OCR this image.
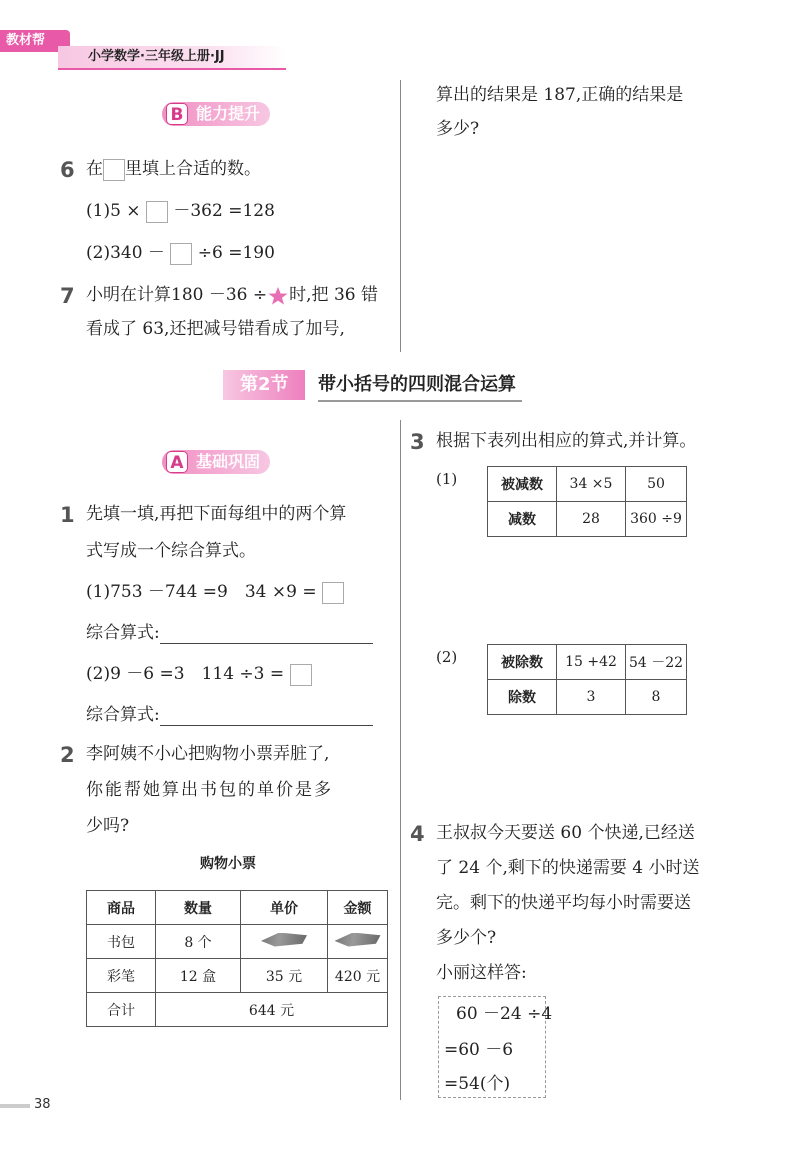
教材帮
小学数学·三年级上册·JJ
B 能力提升
6 在 里填上合适的数。
(1)5 × －362 =128
(2)340 － ÷6 =190
7 小明在计算180 －36 ÷ 时,把 36 错
看成了 63,还把减号错看成了加号,
算出的结果是 187,正确的结果是
多少?
第2节 带小括号的四则混合运算
A 基础巩固
1 先填一填,再把下面每组中的两个算
式写成一个综合算式。
(1)753 －744 =9　34 ×9 =
综合算式:
(2)9 －6 =3　114 ÷3 =
综合算式:
2 李阿姨不小心把购物小票弄脏了,
你能帮她算出书包的单价是多
少吗?
购物小票
商品	数量	单价	金额
书包	8 个		
彩笔	12 盒	35 元	420 元
合计	644 元		
3 根据下表列出相应的算式,并计算。
(1)	被减数	34 ×5	50
减数	28	360 ÷9
(2)	被除数	15 +42	54 －22
除数	3	8
4 王叔叔今天要送 60 个快递,已经送
了 24 个,剩下的快递需要 4 小时送
完。剩下的快递平均每小时需要送
多少个?
小丽这样答:
60 －24 ÷4
=60 －6
=54(个)
38
